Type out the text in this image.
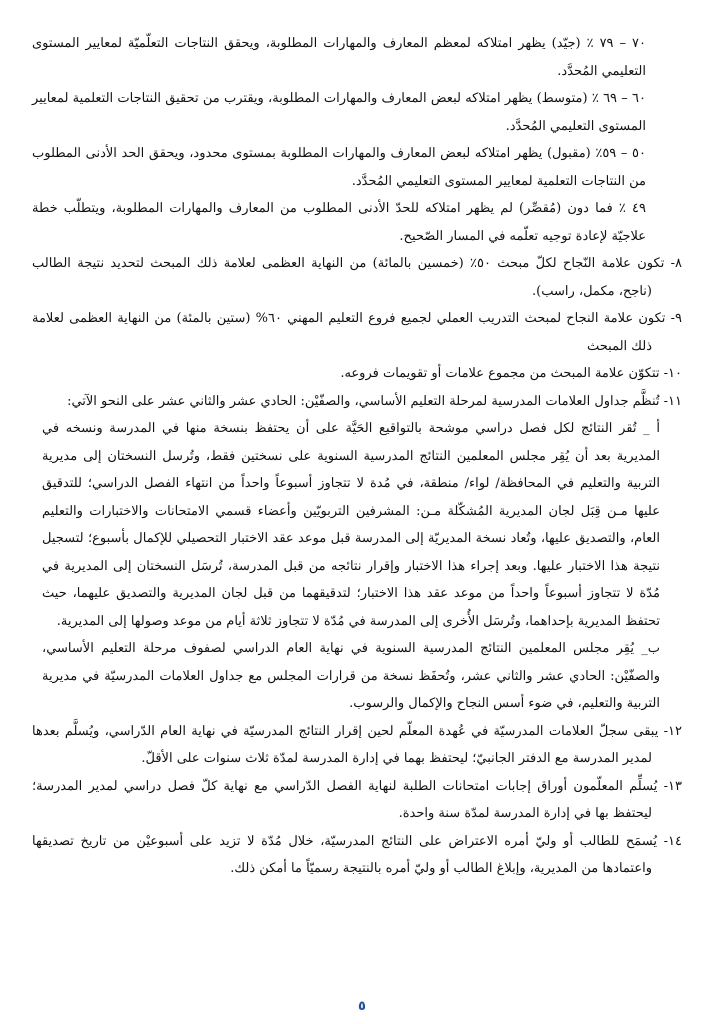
٧٠ – ٧٩ ٪ (جيّد) يظهر امتلاكه لمعظم المعارف والمهارات المطلوبة، ويحقق النتاجات التعلّميّة لمعايير المستوى التعليمي المُحدَّد.

٦٠ – ٦٩ ٪ (متوسط) يظهر امتلاكه لبعض المعارف والمهارات المطلوبة، ويقترب من تحقيق النتاجات التعلمية لمعايير المستوى التعليمي المُحدَّد.

٥٠ – ٥٩٪ (مقبول) يظهر امتلاكه لبعض المعارف والمهارات المطلوبة بمستوى محدود، ويحقق الحد الأدنى المطلوب من النتاجات التعلمية لمعايير المستوى التعليمي المُحدَّد.

٤٩ ٪ فما دون (مُقصِّر) لم يظهر امتلاكه للحدّ الأدنى المطلوب من المعارف والمهارات المطلوبة، ويتطلّب خطة علاجيّة لإعادة توجيه تعلّمه في المسار الصّحيح.

٨- تكون علامة النّجاح لكلّ مبحث ٥٠٪ (خمسين بالمائة) من النهاية العظمى لعلامة ذلك المبحث لتحديد نتيجة الطالب (ناجح، مكمل، راسب).

٩- تكون علامة النجاح لمبحث التدريب العملي لجميع فروع التعليم المهني ٦٠% (ستين بالمئة) من النهاية العظمى لعلامة ذلك المبحث

١٠- تتكوّن علامة المبحث من مجموع علامات أو تقويمات فروعه.

١١- تُنظَّم جداول العلامات المدرسية لمرحلة التعليم الأساسي، والصفّيْن: الحادي عشر والثاني عشر على النحو الآتي:

أ _ تُقر النتائج لكل فصل دراسي موشحة بالتواقيع الحَيَّة على أن يحتفظ بنسخة منها في المدرسة ونسخه في المديرية بعد أن يُقِر مجلس المعلمين النتائج المدرسية السنوية على نسختين فقط، وتُرسل النسختان إلى مديرية التربية والتعليم في المحافظة/ لواء/ منطقة، في مُدة لا تتجاوز أسبوعاً واحداً من انتهاء الفصل الدراسي؛ للتدقيق عليها مـن قِبَل لجان المديرية المُشكّلة مـن: المشرفين التربويّين وأعضاء قسمي الامتحانات والاختبارات والتعليم العام، والتصديق عليها، وتُعاد نسخة المديريّة إلى المدرسة قبل موعد عقد الاختبار التحصيلي للإكمال بأسبوع؛ لتسجيل نتيجة هذا الاختبار عليها. وبعد إجراء هذا الاختبار وإقرار نتائجه من قبل المدرسة، تُرسَل النسختان إلى المديرية في مُدّة لا تتجاوز أسبوعاً واحداً من موعد عقد هذا الاختبار؛ لتدقيقهما من قبل لجان المديرية والتصديق عليهما، حيث تحتفظ المديرية بإحداهما، وتُرسَل الأُخرى إلى المدرسة في مُدّة لا تتجاوز ثلاثة أيام من موعد وصولها إلى المديرية.

ب_ يُقِر مجلس المعلمين النتائج المدرسية السنوية في نهاية العام الدراسي لصفوف مرحلة التعليم الأساسي، والصفّيْن: الحادي عشر والثاني عشر، وتُحفَظ نسخة من قرارات المجلس مع جداول العلامات المدرسيّة في مديرية التربية والتعليم، في ضوء أسس النجاح والإكمال والرسوب.

١٢- يبقى سجلّ العلامات المدرسيّة في عُهدة المعلّم لحين إقرار النتائج المدرسيّة في نهاية العام الدّراسي، ويُسلَّم بعدها لمدير المدرسة مع الدفتر الجانبيّ؛ ليحتفظ بهما في إدارة المدرسة لمدّة ثلاث سنوات على الأقلّ.

١٣- يُسلِّم المعلّمون أوراق إجابات امتحانات الطلبة لنهاية الفصل الدّراسي مع نهاية كلّ فصل دراسي لمدير المدرسة؛ ليحتفظ بها في إدارة المدرسة لمدّة سنة واحدة.

١٤- يُسمَح للطالب أو وليّ أمره الاعتراض على النتائج المدرسيّة، خلال مُدّة لا تزيد على أسبوعيْن من تاريخ تصديقها واعتمادها من المديرية، وإبلاغ الطالب أو وليّ أمره بالنتيجة رسميّاً ما أمكن ذلك.

٥
